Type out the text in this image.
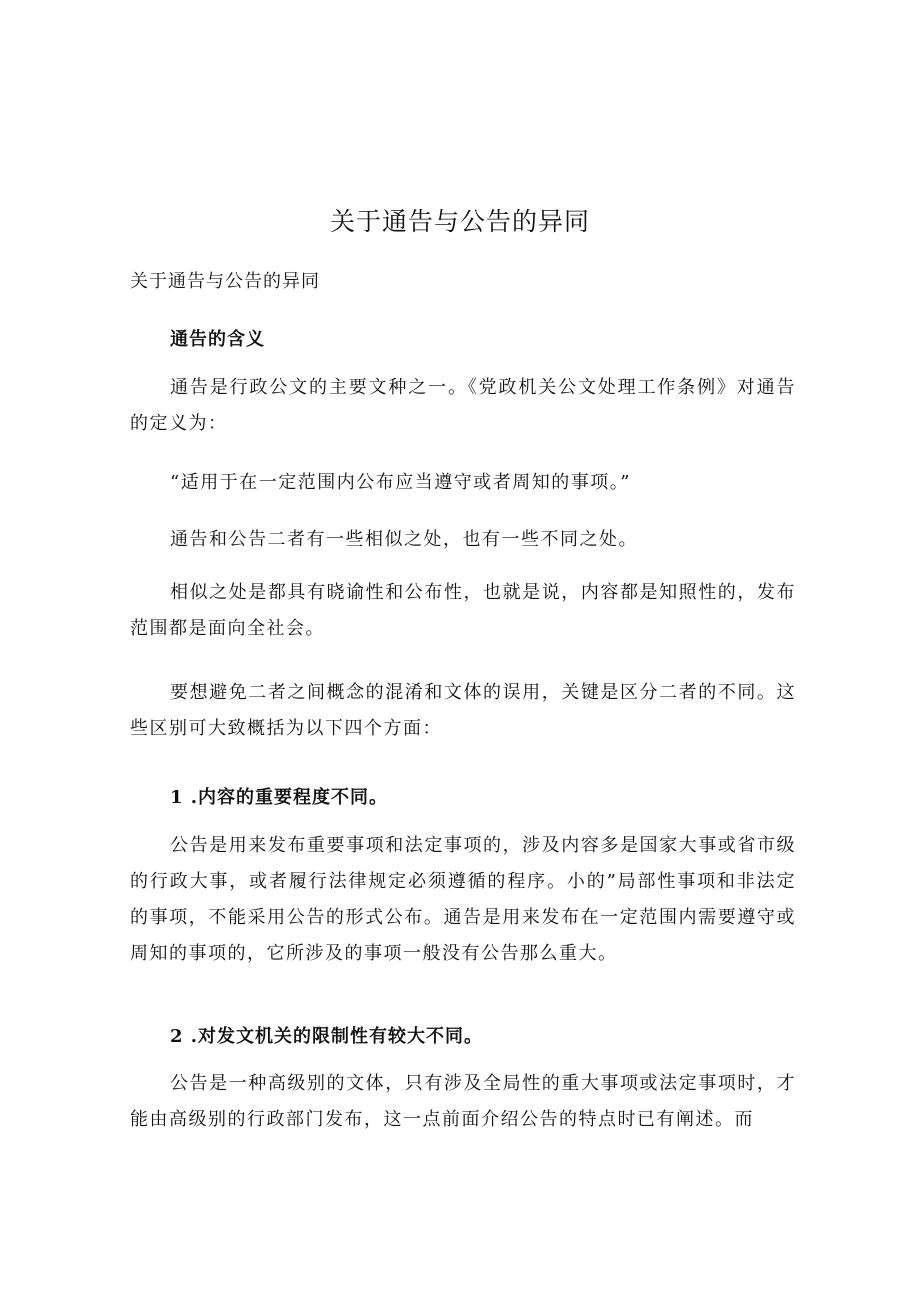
关于通告与公告的异同
关于通告与公告的异同
通告的含义
通告是行政公文的主要文种之一。《党政机关公文处理工作条例》对通告的定义为：
“适用于在一定范围内公布应当遵守或者周知的事项。”
通告和公告二者有一些相似之处，也有一些不同之处。
相似之处是都具有晓谕性和公布性，也就是说，内容都是知照性的，发布范围都是面向全社会。
要想避免二者之间概念的混淆和文体的误用，关键是区分二者的不同。这些区别可大致概括为以下四个方面：
1 .内容的重要程度不同。
公告是用来发布重要事项和法定事项的，涉及内容多是国家大事或省市级的行政大事，或者履行法律规定必须遵循的程序。小的”局部性事项和非法定的事项，不能采用公告的形式公布。通告是用来发布在一定范围内需要遵守或周知的事项的，它所涉及的事项一般没有公告那么重大。
2 .对发文机关的限制性有较大不同。
公告是一种高级别的文体，只有涉及全局性的重大事项或法定事项时，才能由高级别的行政部门发布，这一点前面介绍公告的特点时已有阐述。而
